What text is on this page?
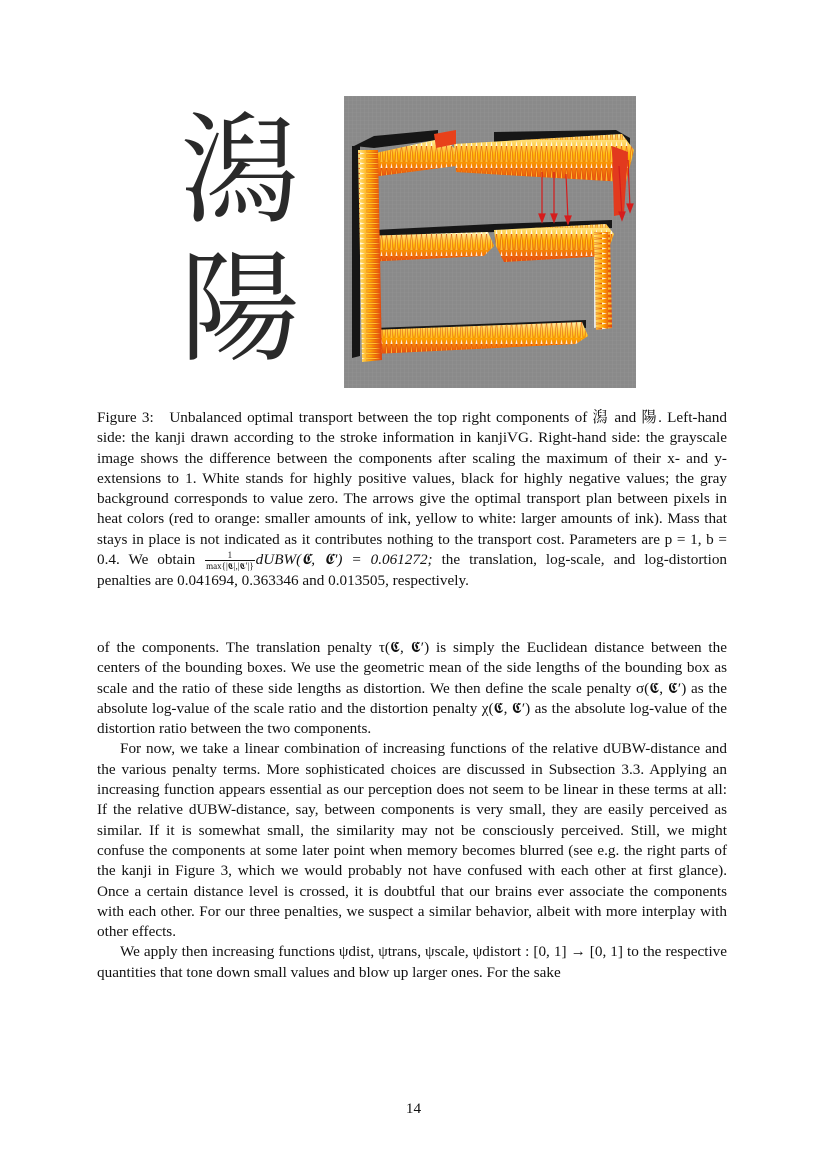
潟
陽
Figure 3: Unbalanced optimal transport between the top right components of 潟 and 陽. Left-hand side: the kanji drawn according to the stroke information in kanjiVG. Right-hand side: the grayscale image shows the difference between the components after scaling the maximum of their x- and y-extensions to 1. White stands for highly positive values, black for highly negative values; the gray background corresponds to value zero. The arrows give the optimal transport plan between pixels in heat colors (red to orange: smaller amounts of ink, yellow to white: larger amounts of ink). Mass that stays in place is not indicated as it contributes nothing to the transport cost. Parameters are p = 1, b = 0.4. We obtain $\frac{1}{\text{max\{|𝕮|,|𝕮′|\}}}$ dUBW(𝕮, 𝕮′) = 0.061272; the translation, log-scale, and log-distortion penalties are 0.041694, 0.363346 and 0.013505, respectively.

of the components. The translation penalty τ(𝕮, 𝕮′) is simply the Euclidean distance between the centers of the bounding boxes. We use the geometric mean of the side lengths of the bounding box as scale and the ratio of these side lengths as distortion. We then define the scale penalty σ(𝕮, 𝕮′) as the absolute log-value of the scale ratio and the distortion penalty χ(𝕮, 𝕮′) as the absolute log-value of the distortion ratio between the two components.

For now, we take a linear combination of increasing functions of the relative dUBW-distance and the various penalty terms. More sophisticated choices are discussed in Subsection 3.3. Applying an increasing function appears essential as our perception does not seem to be linear in these terms at all: If the relative dUBW-distance, say, between components is very small, they are easily perceived as similar. If it is somewhat small, the similarity may not be consciously perceived. Still, we might confuse the components at some later point when memory becomes blurred (see e.g. the right parts of the kanji in Figure 3, which we would probably not have confused with each other at first glance). Once a certain distance level is crossed, it is doubtful that our brains ever associate the components with each other. For our three penalties, we suspect a similar behavior, albeit with more interplay with other effects.

We apply then increasing functions ψdist, ψtrans, ψscale, ψdistort : [0, 1] → [0, 1] to the respective quantities that tone down small values and blow up larger ones. For the sake

14
